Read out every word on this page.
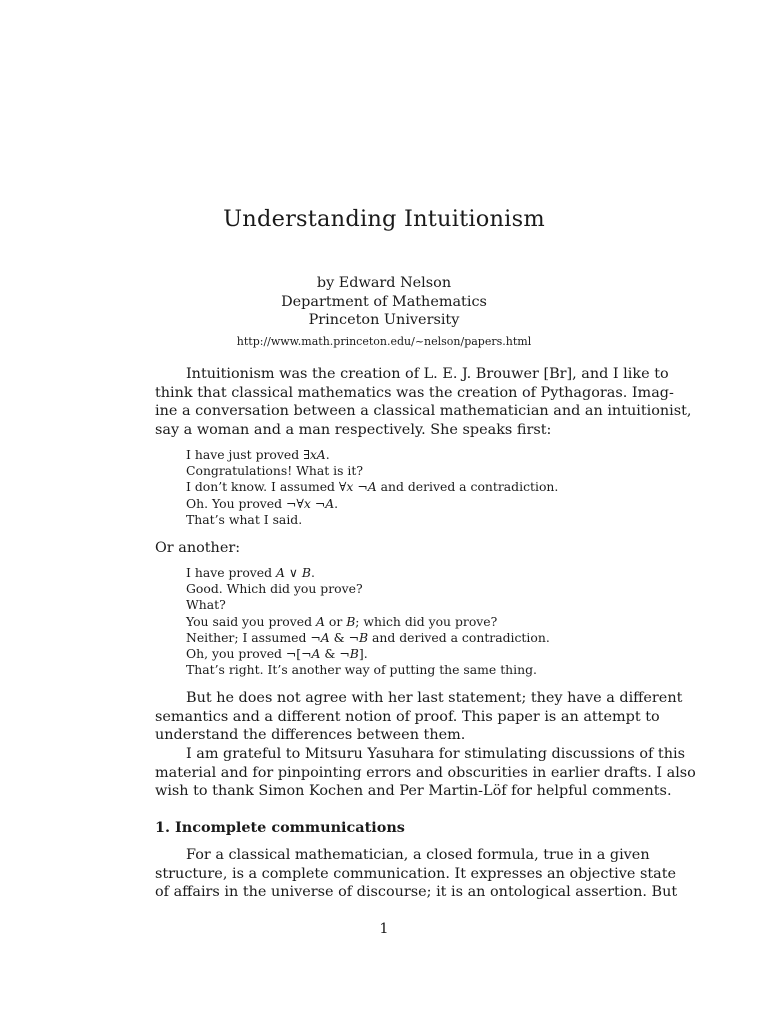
Understanding Intuitionism
by Edward Nelson
Department of Mathematics
Princeton University
http://www.math.princeton.edu/~nelson/papers.html
Intuitionism was the creation of L. E. J. Brouwer [Br], and I like to
think that classical mathematics was the creation of Pythagoras. Imag-
ine a conversation between a classical mathematician and an intuitionist,
say a woman and a man respectively. She speaks first:
I have just proved ∃xA.
Congratulations! What is it?
I don’t know. I assumed ∀x ¬A and derived a contradiction.
Oh. You proved ¬∀x ¬A.
That’s what I said.
Or another:
I have proved A ∨ B.
Good. Which did you prove?
What?
You said you proved A or B; which did you prove?
Neither; I assumed ¬A & ¬B and derived a contradiction.
Oh, you proved ¬[¬A & ¬B].
That’s right. It’s another way of putting the same thing.
But he does not agree with her last statement; they have a different
semantics and a different notion of proof. This paper is an attempt to
understand the differences between them.
I am grateful to Mitsuru Yasuhara for stimulating discussions of this
material and for pinpointing errors and obscurities in earlier drafts. I also
wish to thank Simon Kochen and Per Martin-Löf for helpful comments.
1. Incomplete communications
For a classical mathematician, a closed formula, true in a given
structure, is a complete communication. It expresses an objective state
of affairs in the universe of discourse; it is an ontological assertion. But
1
